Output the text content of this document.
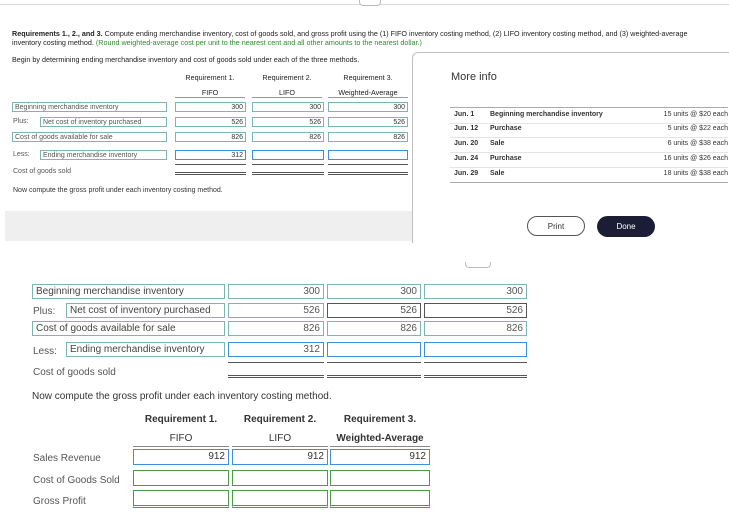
Requirements 1., 2., and 3. Compute ending merchandise inventory, cost of goods sold, and gross profit using the (1) FIFO inventory costing method, (2) LIFO inventory costing method, and (3) weighted-average inventory costing method. (Round weighted-average cost per unit to the nearest cent and all other amounts to the nearest dollar.)
Begin by determining ending merchandise inventory and cost of goods sold under each of the three methods.
Requirement 1.
FIFO
Requirement 2.
LIFO
Requirement 3.
Weighted-Average
Beginning merchandise inventory	300	300	300
Plus:	Net cost of inventory purchased	526	526	526
Cost of goods available for sale	826	826	826
Less:	Ending merchandise inventory	312
Cost of goods sold
Now compute the gross profit under each inventory costing method.
More info
Jun. 1 Beginning merchandise inventory	15 units @ $20 each
Jun. 12 Purchase	5 units @ $22 each
Jun. 20 Sale	6 units @ $38 each
Jun. 24 Purchase	16 units @ $26 each
Jun. 29 Sale	18 units @ $38 each
Print	Done
Beginning merchandise inventory	300	300	300
Plus:	Net cost of inventory purchased	526	526	526
Cost of goods available for sale	826	826	826
Less:	Ending merchandise inventory	312
Cost of goods sold
Now compute the gross profit under each inventory costing method.
Requirement 1.
FIFO
Requirement 2.
LIFO
Requirement 3.
Weighted-Average
Sales Revenue	912	912	912
Cost of Goods Sold
Gross Profit
